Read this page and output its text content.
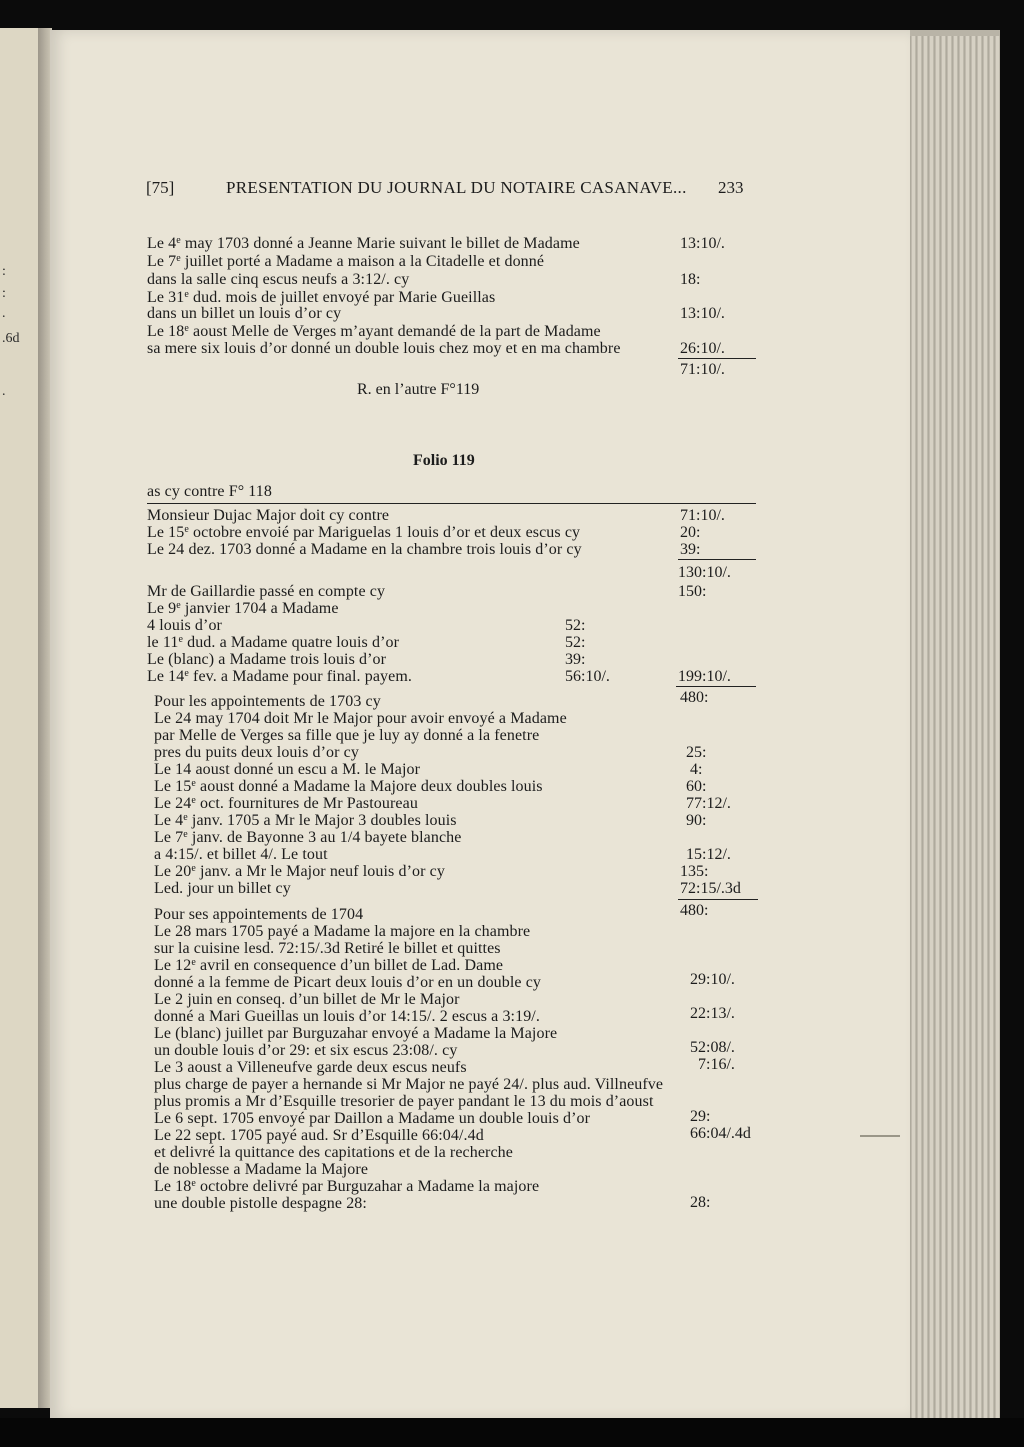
:
:
.
.6d
.
[75]	PRESENTATION DU JOURNAL DU NOTAIRE CASANAVE... 233
Le 4e may 1703 donné a Jeanne Marie suivant le billet de Madame
Le 7e juillet porté a Madame a maison a la Citadelle et donné
dans la salle cinq escus neufs a 3:12/. cy
Le 31e dud. mois de juillet envoyé par Marie Gueillas
dans un billet un louis d’or cy
Le 18e aoust Melle de Verges m’ayant demandé de la part de Madame
sa mere six louis d’or donné un double louis chez moy et en ma chambre
13:10/.
18:
13:10/.
26:10/.
71:10/.
R. en l’autre F°119
Folio 119
as cy contre F° 118
Monsieur Dujac Major doit cy contre
Le 15e octobre envoié par Mariguelas 1 louis d’or et deux escus cy
Le 24 dez. 1703 donné a Madame en la chambre trois louis d’or cy
71:10/.
20:
39:
130:10/.
Mr de Gaillardie passé en compte cy
Le 9e janvier 1704 a Madame
4 louis d’or
le 11e dud. a Madame quatre louis d’or
Le (blanc) a Madame trois louis d’or
Le 14e fev. a Madame pour final. payem.
52:
52:
39:
56:10/.
150:
199:10/.
Pour les appointements de 1703 cy
Le 24 may 1704 doit Mr le Major pour avoir envoyé a Madame
par Melle de Verges sa fille que je luy ay donné a la fenetre
pres du puits deux louis d’or cy
Le 14 aoust donné un escu a M. le Major
Le 15e aoust donné a Madame la Majore deux doubles louis
Le 24e oct. fournitures de Mr Pastoureau
Le 4e janv. 1705 a Mr le Major 3 doubles louis
Le 7e janv. de Bayonne 3 au 1/4 bayete blanche
a 4:15/. et billet 4/. Le tout
Le 20e janv. a Mr le Major neuf louis d’or cy
Led. jour un billet cy
480:
25:
4:
60:
77:12/.
90:
15:12/.
135:
72:15/.3d
Pour ses appointements de 1704
Le 28 mars 1705 payé a Madame la majore en la chambre
sur la cuisine lesd. 72:15/.3d Retiré le billet et quittes
Le 12e avril en consequence d’un billet de Lad. Dame
donné a la femme de Picart deux louis d’or en un double cy
Le 2 juin en conseq. d’un billet de Mr le Major
donné a Mari Gueillas un louis d’or 14:15/. 2 escus a 3:19/.
Le (blanc) juillet par Burguzahar envoyé a Madame la Majore
un double louis d’or 29: et six escus 23:08/. cy
Le 3 aoust a Villeneufve garde deux escus neufs
plus charge de payer a hernande si Mr Major ne payé 24/. plus aud. Villneufve
plus promis a Mr d’Esquille tresorier de payer pandant le 13 du mois d’aoust
Le 6 sept. 1705 envoyé par Daillon a Madame un double louis d’or
Le 22 sept. 1705 payé aud. Sr d’Esquille 66:04/.4d
et delivré la quittance des capitations et de la recherche
de noblesse a Madame la Majore
Le 18e octobre delivré par Burguzahar a Madame la majore
une double pistolle despagne 28:
480:
29:10/.
22:13/.
52:08/.
7:16/.
29:
66:04/.4d
28:
